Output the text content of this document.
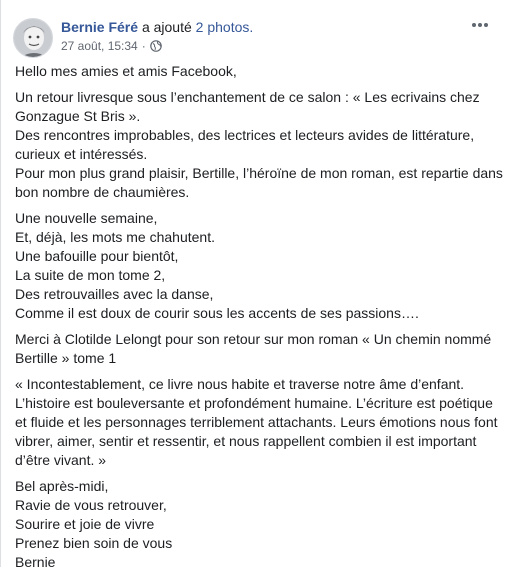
Bernie Féré a ajouté 2 photos.
27 août, 15:34 ·

Hello mes amies et amis Facebook,

Un retour livresque sous l’enchantement de ce salon : « Les ecrivains chez
Gonzague St Bris ».
Des rencontres improbables, des lectrices et lecteurs avides de littérature,
curieux et intéressés.
Pour mon plus grand plaisir, Bertille, l’héroïne de mon roman, est repartie dans
bon nombre de chaumières.

Une nouvelle semaine,
Et, déjà, les mots me chahutent.
Une bafouille pour bientôt,
La suite de mon tome 2,
Des retrouvailles avec la danse,
Comme il est doux de courir sous les accents de ses passions….

Merci à Clotilde Lelongt pour son retour sur mon roman « Un chemin nommé
Bertille » tome 1

« Incontestablement, ce livre nous habite et traverse notre âme d’enfant.
L’histoire est bouleversante et profondément humaine. L’écriture est poétique
et fluide et les personnages terriblement attachants. Leurs émotions nous font
vibrer, aimer, sentir et ressentir, et nous rappellent combien il est important
d’être vivant. »

Bel après-midi,
Ravie de vous retrouver,
Sourire et joie de vivre
Prenez bien soin de vous
Bernie
